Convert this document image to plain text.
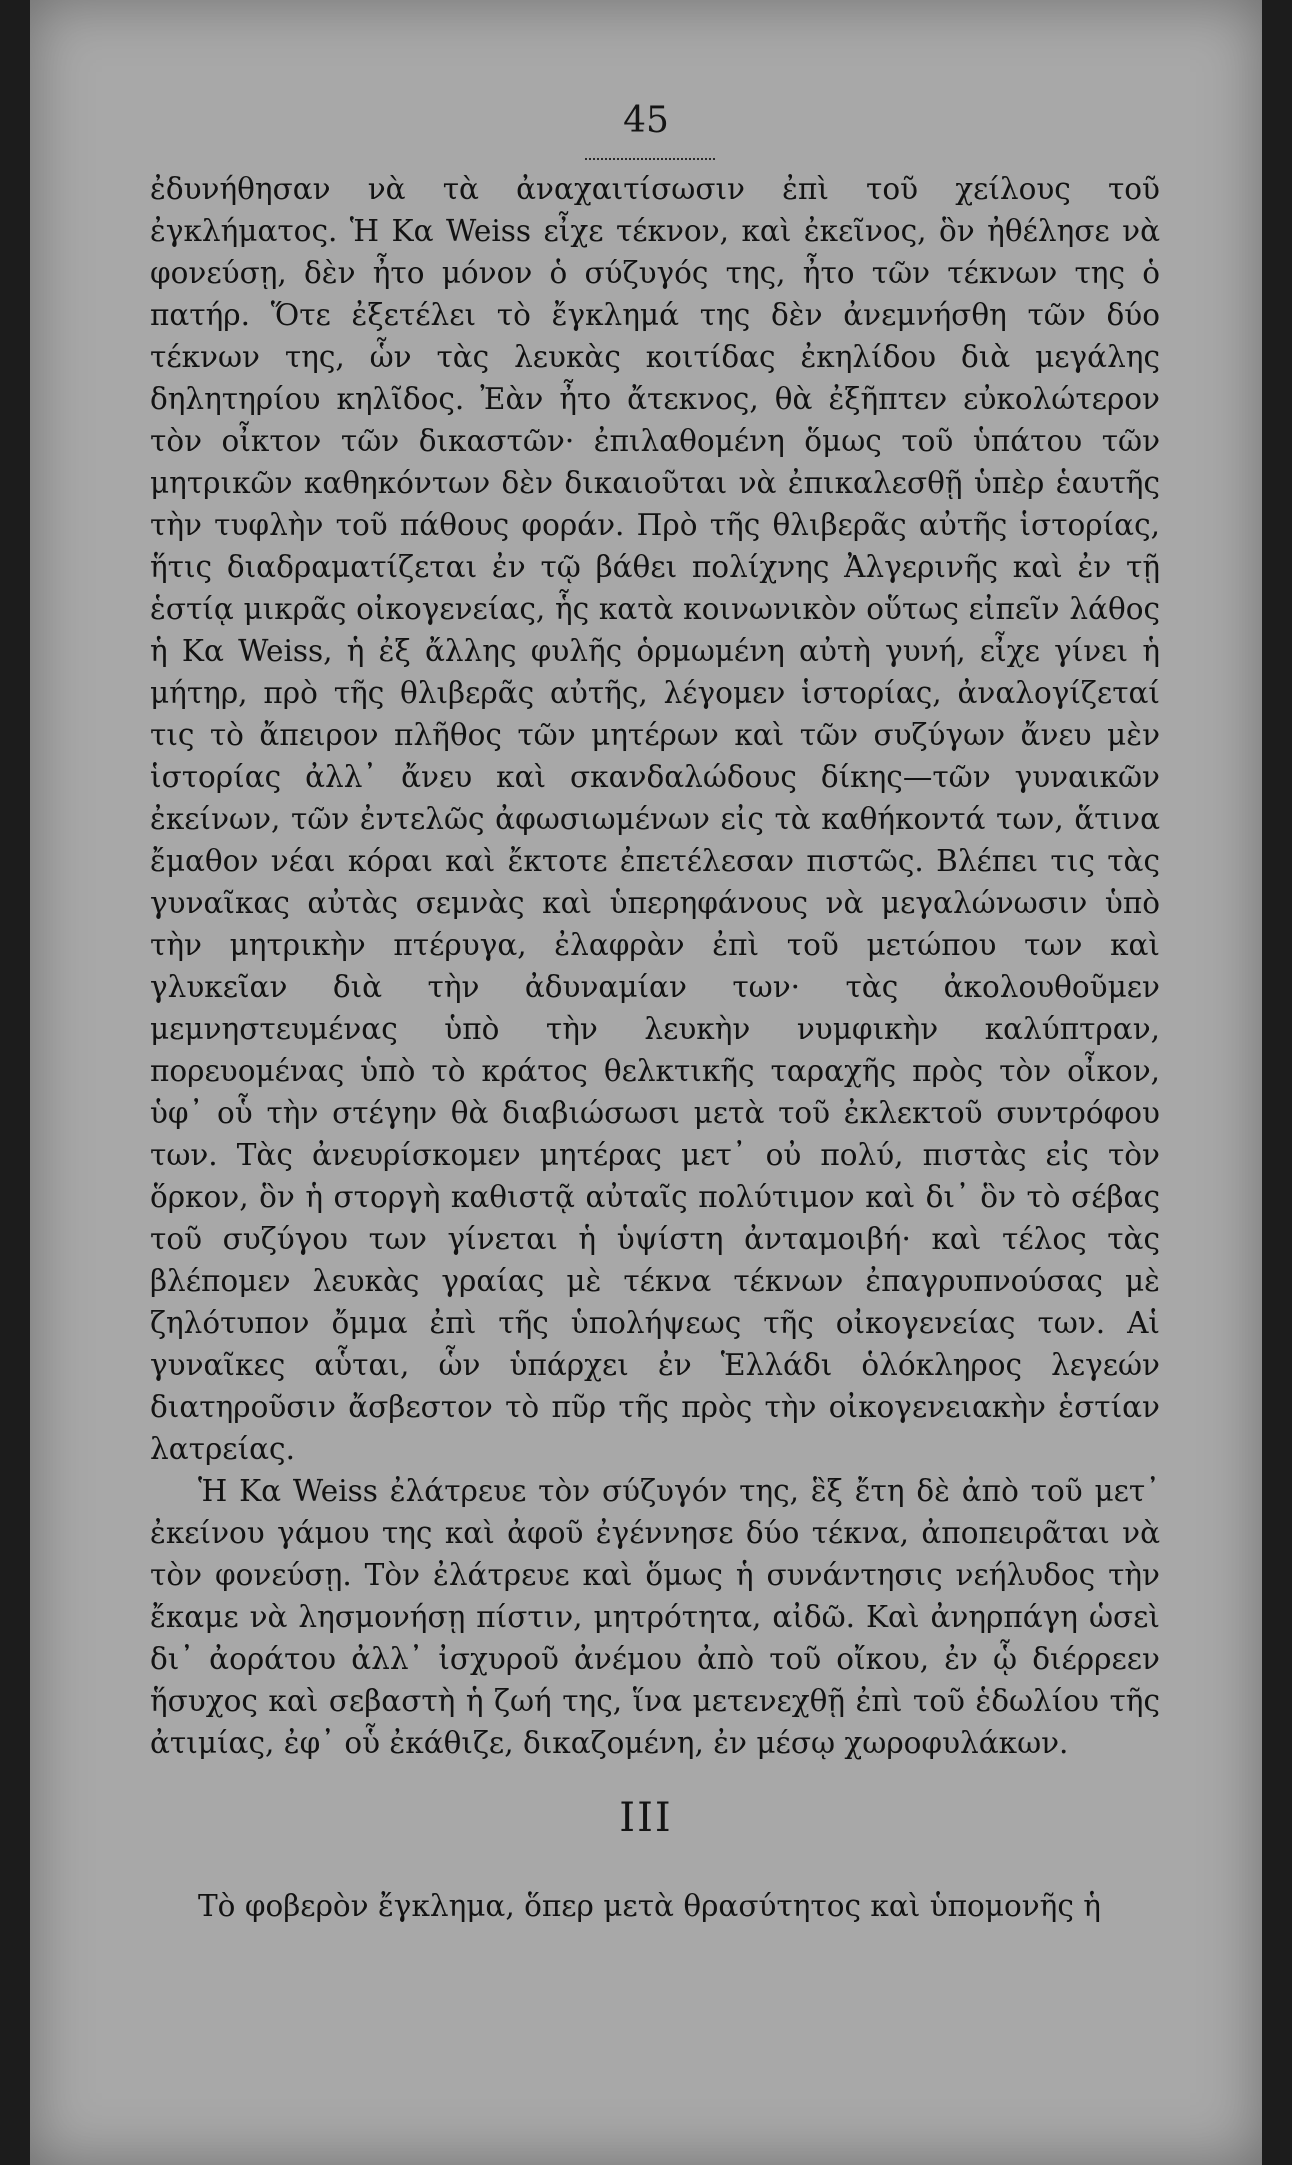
45

ἐδυνήθησαν νὰ τὰ ἀναχαιτίσωσιν ἐπὶ τοῦ χείλους τοῦ ἐγκλήματος. Ἡ Κα Weiss εἶχε τέκνον, καὶ ἐκεῖνος, ὃν ἠθέλησε νὰ φονεύσῃ, δὲν ἦτο μόνον ὁ σύζυγός της, ἦτο τῶν τέκνων της ὁ πατήρ. Ὅτε ἐξετέλει τὸ ἔγκλημά της δὲν ἀνεμνήσθη τῶν δύο τέκνων της, ὧν τὰς λευκὰς κοιτίδας ἐκηλίδου διὰ μεγάλης δηλητηρίου κηλῖδος. Ἐὰν ἦτο ἄτεκνος, θὰ ἐξῆπτεν εὐκολώτερον τὸν οἶκτον τῶν δικαστῶν· ἐπιλαθομένη ὅμως τοῦ ὑπάτου τῶν μητρικῶν καθηκόντων δὲν δικαιοῦται νὰ ἐπικαλεσθῇ ὑπὲρ ἑαυτῆς τὴν τυφλὴν τοῦ πάθους φοράν. Πρὸ τῆς θλιβερᾶς αὐτῆς ἱστορίας, ἥτις διαδραματίζεται ἐν τῷ βάθει πολίχνης Ἀλγερινῆς καὶ ἐν τῇ ἑστίᾳ μικρᾶς οἰκογενείας, ἧς κατὰ κοινωνικὸν οὕτως εἰπεῖν λάθος ἡ Κα Weiss, ἡ ἐξ ἄλλης φυλῆς ὁρμωμένη αὐτὴ γυνή, εἶχε γίνει ἡ μήτηρ, πρὸ τῆς θλιβερᾶς αὐτῆς, λέγομεν ἱστορίας, ἀναλογίζεταί τις τὸ ἄπειρον πλῆθος τῶν μητέρων καὶ τῶν συζύγων ἄνευ μὲν ἱστορίας ἀλλ᾽ ἄνευ καὶ σκανδαλώδους δίκης—τῶν γυναικῶν ἐκείνων, τῶν ἐντελῶς ἀφωσιωμένων εἰς τὰ καθήκοντά των, ἅτινα ἔμαθον νέαι κόραι καὶ ἔκτοτε ἐπετέλεσαν πιστῶς. Βλέπει τις τὰς γυναῖκας αὐτὰς σεμνὰς καὶ ὑπερηφάνους νὰ μεγαλώνωσιν ὑπὸ τὴν μητρικὴν πτέρυγα, ἐλαφρὰν ἐπὶ τοῦ μετώπου των καὶ γλυκεῖαν διὰ τὴν ἀδυναμίαν των· τὰς ἀκολουθοῦμεν μεμνηστευμένας ὑπὸ τὴν λευκὴν νυμφικὴν καλύπτραν, πορευομένας ὑπὸ τὸ κράτος θελκτικῆς ταραχῆς πρὸς τὸν οἶκον, ὑφ᾽ οὗ τὴν στέγην θὰ διαβιώσωσι μετὰ τοῦ ἐκλεκτοῦ συντρόφου των. Τὰς ἀνευρίσκομεν μητέρας μετ᾽ οὐ πολύ, πιστὰς εἰς τὸν ὅρκον, ὃν ἡ στοργὴ καθιστᾷ αὐταῖς πολύτιμον καὶ δι᾽ ὃν τὸ σέβας τοῦ συζύγου των γίνεται ἡ ὑψίστη ἀνταμοιβή· καὶ τέλος τὰς βλέπομεν λευκὰς γραίας μὲ τέκνα τέκνων ἐπαγρυπνούσας μὲ ζηλότυπον ὄμμα ἐπὶ τῆς ὑπολήψεως τῆς οἰκογενείας των. Αἱ γυναῖκες αὗται, ὧν ὑπάρχει ἐν Ἑλλάδι ὁλόκληρος λεγεών διατηροῦσιν ἄσβεστον τὸ πῦρ τῆς πρὸς τὴν οἰκογενειακὴν ἑστίαν λατρείας.

Ἡ Κα Weiss ἐλάτρευε τὸν σύζυγόν της, ἓξ ἔτη δὲ ἀπὸ τοῦ μετ᾽ ἐκείνου γάμου της καὶ ἀφοῦ ἐγέννησε δύο τέκνα, ἀποπειρᾶται νὰ τὸν φονεύσῃ. Τὸν ἐλάτρευε καὶ ὅμως ἡ συνάντησις νεήλυδος τὴν ἔκαμε νὰ λησμονήσῃ πίστιν, μητρότητα, αἰδῶ. Καὶ ἀνηρπάγη ὡσεὶ δι᾽ ἀοράτου ἀλλ᾽ ἰσχυροῦ ἀνέμου ἀπὸ τοῦ οἴκου, ἐν ᾧ διέρρεεν ἥσυχος καὶ σεβαστὴ ἡ ζωή της, ἵνα μετενεχθῇ ἐπὶ τοῦ ἑδωλίου τῆς ἀτιμίας, ἐφ᾽ οὗ ἐκάθιζε, δικαζομένη, ἐν μέσῳ χωροφυλάκων.

III
Τὸ φοβερὸν ἔγκλημα, ὅπερ μετὰ θρασύτητος καὶ ὑπομονῆς ἡ
